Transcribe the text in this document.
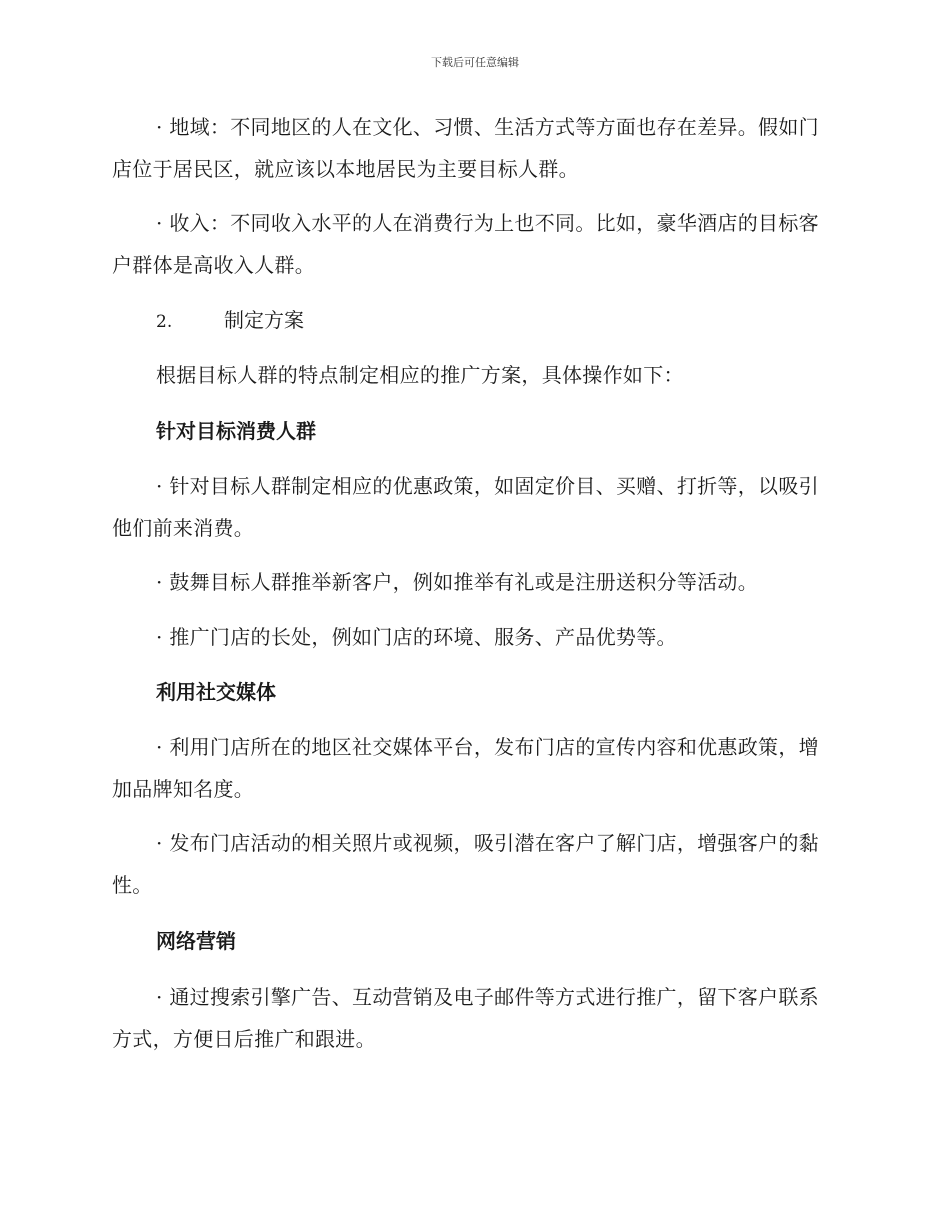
下载后可任意编辑

· 地域：不同地区的人在文化、习惯、生活方式等方面也存在差异。假如门店位于居民区，就应该以本地居民为主要目标人群。

· 收入：不同收入水平的人在消费行为上也不同。比如，豪华酒店的目标客户群体是高收入人群。

2.	制定方案

根据目标人群的特点制定相应的推广方案，具体操作如下：

针对目标消费人群

· 针对目标人群制定相应的优惠政策，如固定价目、买赠、打折等，以吸引他们前来消费。

· 鼓舞目标人群推举新客户，例如推举有礼或是注册送积分等活动。

· 推广门店的长处，例如门店的环境、服务、产品优势等。

利用社交媒体

· 利用门店所在的地区社交媒体平台，发布门店的宣传内容和优惠政策，增加品牌知名度。

· 发布门店活动的相关照片或视频，吸引潜在客户了解门店，增强客户的黏性。

网络营销

· 通过搜索引擎广告、互动营销及电子邮件等方式进行推广，留下客户联系方式，方便日后推广和跟进。
